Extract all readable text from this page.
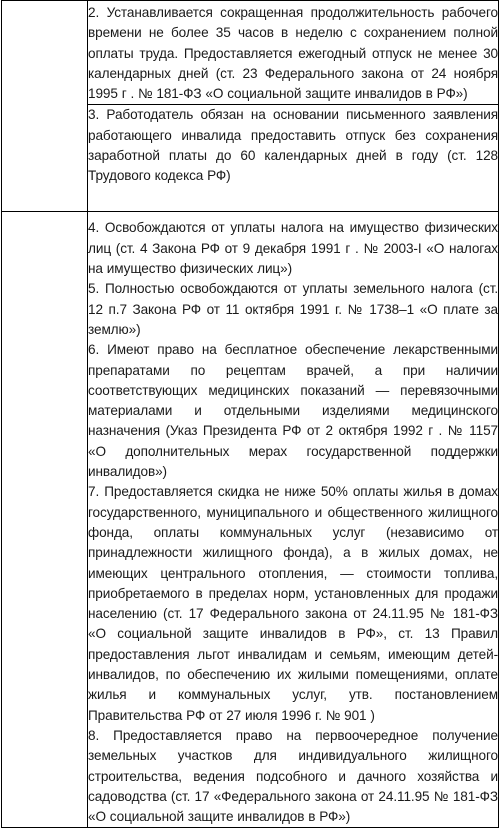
	2. Устанавливается сокращенная продолжительность рабочего времени не более 35 часов в неделю с сохранением полной оплаты труда. Предоставляется ежегодный отпуск не менее 30 календарных дней (ст. 23 Федерального закона от 24 ноября 1995 г . № 181-ФЗ «О социальной защите инвалидов в РФ»)

	3. Работодатель обязан на основании письменного заявления работающего инвалида предоставить отпуск без сохранения заработной платы до 60 календарных дней в году (ст. 128 Трудового кодекса РФ)

	4. Освобождаются от уплаты налога на имущество физических лиц (ст. 4 Закона РФ от 9 декабря 1991 г . № 2003-I «О налогах на имущество физических лиц»)

5. Полностью освобождаются от уплаты земельного налога (ст. 12 п.7 Закона РФ от 11 октября 1991 г. № 1738–1 «О плате за землю»)

6. Имеют право на бесплатное обеспечение лекарственными препаратами по рецептам врачей, а при наличии соответствующих медицинских показаний — перевязочными материалами и отдельными изделиями медицинского назначения (Указ Президента РФ от 2 октября 1992 г . № 1157 «О дополнительных мерах государственной поддержки инвалидов»)

7. Предоставляется скидка не ниже 50% оплаты жилья в домах государственного, муниципального и общественного жилищного фонда, оплаты коммунальных услуг (независимо от принадлежности жилищного фонда), а в жилых домах, не имеющих центрального отопления, — стоимости топлива, приобретаемого в пределах норм, установленных для продажи населению (ст. 17 Федерального закона от 24.11.95 № 181-ФЗ «О социальной защите инвалидов в РФ», ст. 13 Правил предоставления льгот инвалидам и семьям, имеющим детей-инвалидов, по обеспечению их жилыми помещениями, оплате жилья и коммунальных услуг, утв. постановлением Правительства РФ от 27 июля 1996 г. № 901 )

8. Предоставляется право на первоочередное получение земельных участков для индивидуального жилищного строительства, ведения подсобного и дачного хозяйства и садоводства (ст. 17 «Федерального закона от 24.11.95 № 181-ФЗ «О социальной защите инвалидов в РФ»)
